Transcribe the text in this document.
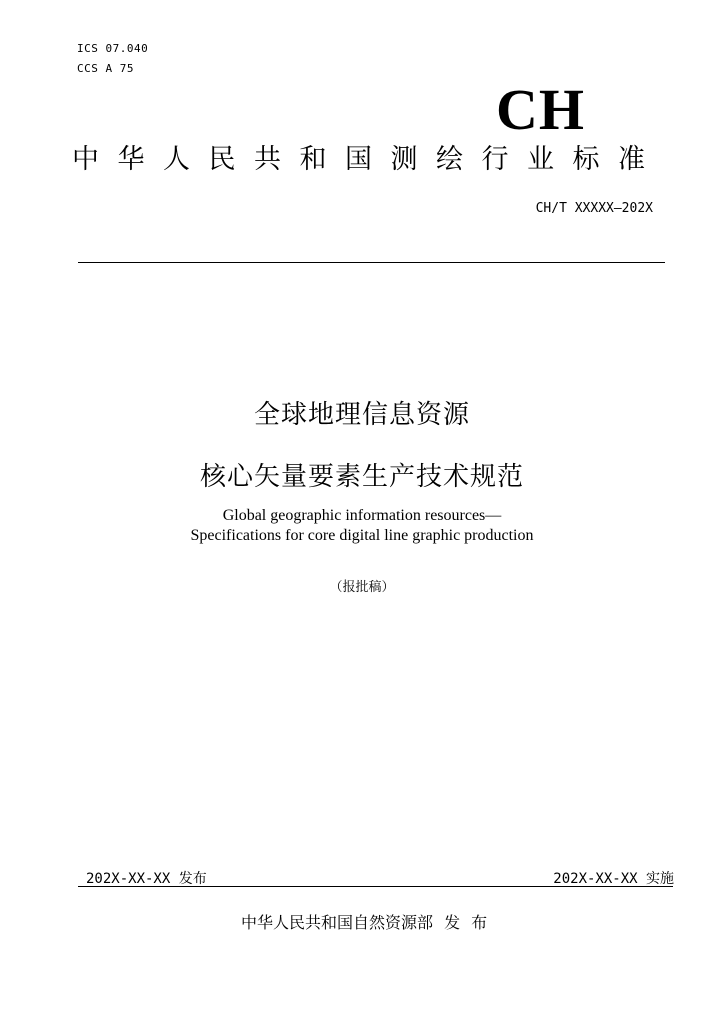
ICS 07.040
CCS A 75
CH
中华人民共和国测绘行业标准
CH/T XXXXX—202X
全球地理信息资源
核心矢量要素生产技术规范
Global geographic information resources—
Specifications for core digital line graphic production
（报批稿）
202X-XX-XX 发布	202X-XX-XX 实施
中华人民共和国自然资源部 发 布
